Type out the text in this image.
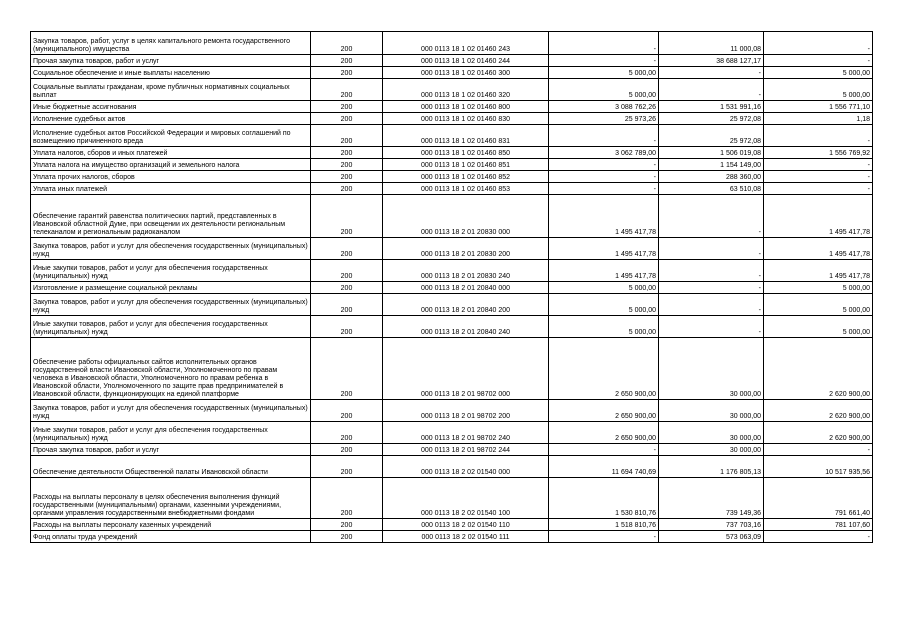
Закупка товаров, работ, услуг в целях капитального ремонта государственного (муниципального) имущества	200	000 0113 18 1 02 01460 243	-	11 000,08	-
Прочая закупка товаров, работ и услуг	200	000 0113 18 1 02 01460 244	-	38 688 127,17	-
Социальное обеспечение и иные выплаты населению	200	000 0113 18 1 02 01460 300	5 000,00	-	5 000,00
Социальные выплаты гражданам, кроме публичных нормативных социальных выплат	200	000 0113 18 1 02 01460 320	5 000,00	-	5 000,00
Иные бюджетные ассигнования	200	000 0113 18 1 02 01460 800	3 088 762,26	1 531 991,16	1 556 771,10
Исполнение судебных актов	200	000 0113 18 1 02 01460 830	25 973,26	25 972,08	1,18
Исполнение судебных актов Российской Федерации и мировых соглашений по возмещению причиненного вреда	200	000 0113 18 1 02 01460 831	-	25 972,08	-
Уплата налогов, сборов и иных платежей	200	000 0113 18 1 02 01460 850	3 062 789,00	1 506 019,08	1 556 769,92
Уплата налога на имущество организаций и земельного налога	200	000 0113 18 1 02 01460 851	-	1 154 149,00	-
Уплата прочих налогов, сборов	200	000 0113 18 1 02 01460 852	-	288 360,00	-
Уплата иных платежей	200	000 0113 18 1 02 01460 853	-	63 510,08	-
Обеспечение гарантий равенства политических партий, представленных в Ивановской областной Думе, при освещении их деятельности региональным телеканалом и региональным радиоканалом	200	000 0113 18 2 01 20830 000	1 495 417,78	-	1 495 417,78
Закупка товаров, работ и услуг для обеспечения государственных (муниципальных) нужд	200	000 0113 18 2 01 20830 200	1 495 417,78	-	1 495 417,78
Иные закупки товаров, работ и услуг для обеспечения государственных (муниципальных) нужд	200	000 0113 18 2 01 20830 240	1 495 417,78	-	1 495 417,78
Изготовление и размещение социальной рекламы	200	000 0113 18 2 01 20840 000	5 000,00	-	5 000,00
Закупка товаров, работ и услуг для обеспечения государственных (муниципальных) нужд	200	000 0113 18 2 01 20840 200	5 000,00	-	5 000,00
Иные закупки товаров, работ и услуг для обеспечения государственных (муниципальных) нужд	200	000 0113 18 2 01 20840 240	5 000,00	-	5 000,00
Обеспечение работы официальных сайтов исполнительных органов государственной власти Ивановской области, Уполномоченного по правам человека в Ивановской области, Уполномоченного по правам ребенка в Ивановской области, Уполномоченного по защите прав предпринимателей в Ивановской области, функционирующих на единой платформе	200	000 0113 18 2 01 98702 000	2 650 900,00	30 000,00	2 620 900,00
Закупка товаров, работ и услуг для обеспечения государственных (муниципальных) нужд	200	000 0113 18 2 01 98702 200	2 650 900,00	30 000,00	2 620 900,00
Иные закупки товаров, работ и услуг для обеспечения государственных (муниципальных) нужд	200	000 0113 18 2 01 98702 240	2 650 900,00	30 000,00	2 620 900,00
Прочая закупка товаров, работ и услуг	200	000 0113 18 2 01 98702 244	-	30 000,00	-
Обеспечение деятельности Общественной палаты Ивановской области	200	000 0113 18 2 02 01540 000	11 694 740,69	1 176 805,13	10 517 935,56
Расходы на выплаты персоналу в целях обеспечения выполнения функций государственными (муниципальными) органами, казенными учреждениями, органами управления государственными внебюджетными фондами	200	000 0113 18 2 02 01540 100	1 530 810,76	739 149,36	791 661,40
Расходы на выплаты персоналу казенных учреждений	200	000 0113 18 2 02 01540 110	1 518 810,76	737 703,16	781 107,60
Фонд оплаты труда учреждений	200	000 0113 18 2 02 01540 111	-	573 063,09	-
